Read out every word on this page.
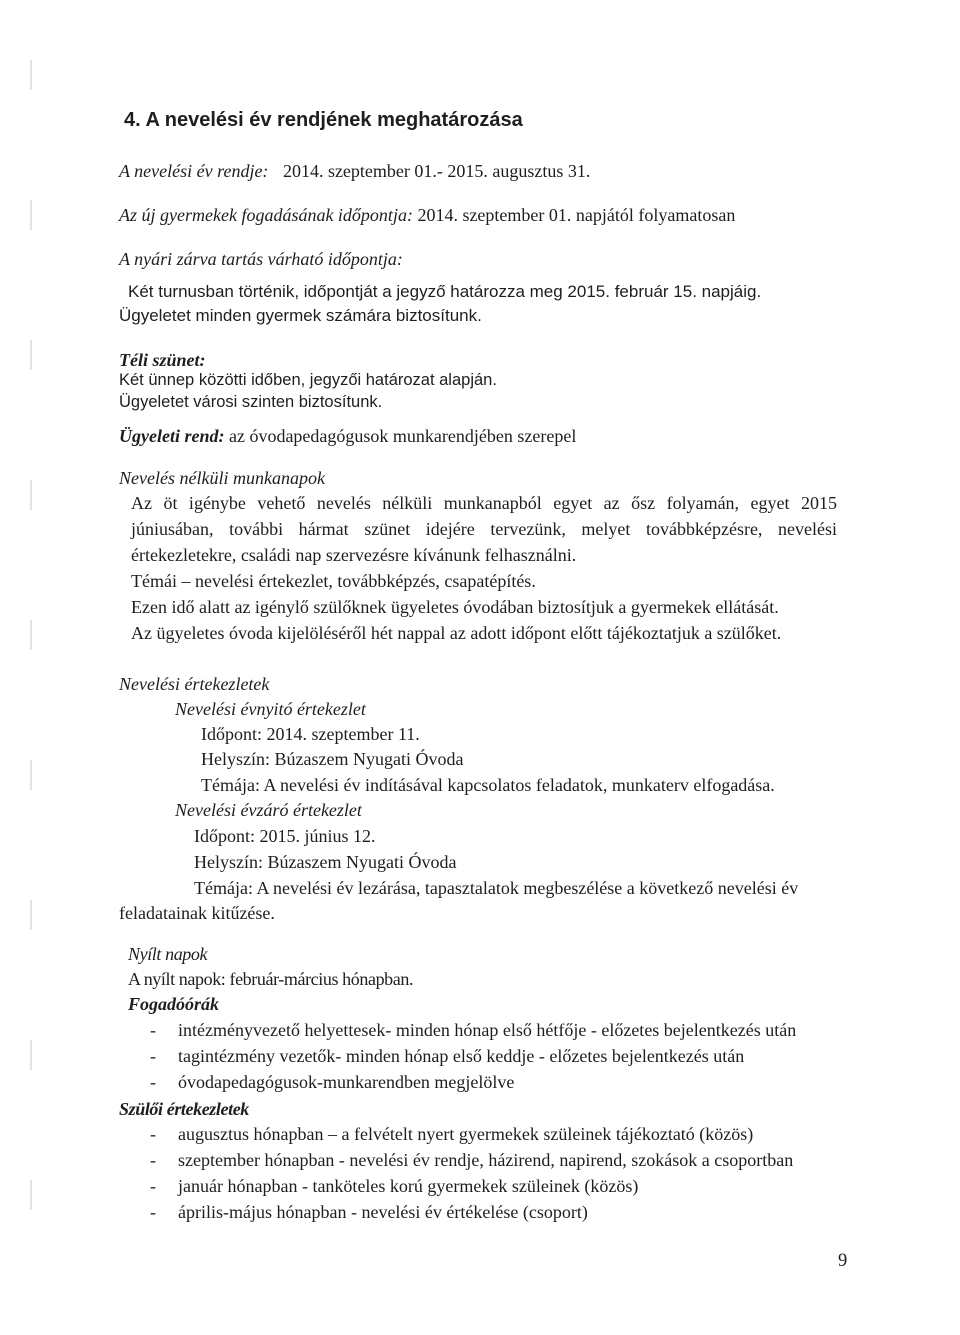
4. A nevelési év rendjének meghatározása
A nevelési év rendje: 2014. szeptember 01.- 2015. augusztus 31.
Az új gyermekek fogadásának időpontja: 2014. szeptember 01. napjától folyamatosan
A nyári zárva tartás várható időpontja:
Két turnusban történik, időpontját a jegyző határozza meg 2015. február 15. napjáig.
Ügyeletet minden gyermek számára biztosítunk.
Téli szünet:
Két ünnep közötti időben, jegyzői határozat alapján.
Ügyeletet városi szinten biztosítunk.
Ügyeleti rend: az óvodapedagógusok munkarendjében szerepel
Nevelés nélküli munkanapok
Az öt igénybe vehető nevelés nélküli munkanapból egyet az ősz folyamán, egyet 2015
júniusában, további hármat szünet idejére tervezünk, melyet továbbképzésre, nevelési
értekezletekre, családi nap szervezésre kívánunk felhasználni.
Témái – nevelési értekezlet, továbbképzés, csapatépítés.
Ezen idő alatt az igénylő szülőknek ügyeletes óvodában biztosítjuk a gyermekek ellátását.
Az ügyeletes óvoda kijelöléséről hét nappal az adott időpont előtt tájékoztatjuk a szülőket.
Nevelési értekezletek
Nevelési évnyitó értekezlet
Időpont: 2014. szeptember 11.
Helyszín: Búzaszem Nyugati Óvoda
Témája: A nevelési év indításával kapcsolatos feladatok, munkaterv elfogadása.
Nevelési évzáró értekezlet
Időpont: 2015. június 12.
Helyszín: Búzaszem Nyugati Óvoda
Témája: A nevelési év lezárása, tapasztalatok megbeszélése a következő nevelési év
feladatainak kitűzése.
Nyílt napok
A nyílt napok: február-március hónapban.
Fogadóórák
- intézményvezető helyettesek- minden hónap első hétfője - előzetes bejelentkezés után
- tagintézmény vezetők- minden hónap első keddje - előzetes bejelentkezés után
- óvodapedagógusok-munkarendben megjelölve
Szülői értekezletek
- augusztus hónapban – a felvételt nyert gyermekek szüleinek tájékoztató (közös)
- szeptember hónapban - nevelési év rendje, házirend, napirend, szokások a csoportban
- január hónapban - tanköteles korú gyermekek szüleinek (közös)
- április-május hónapban - nevelési év értékelése (csoport)
9
